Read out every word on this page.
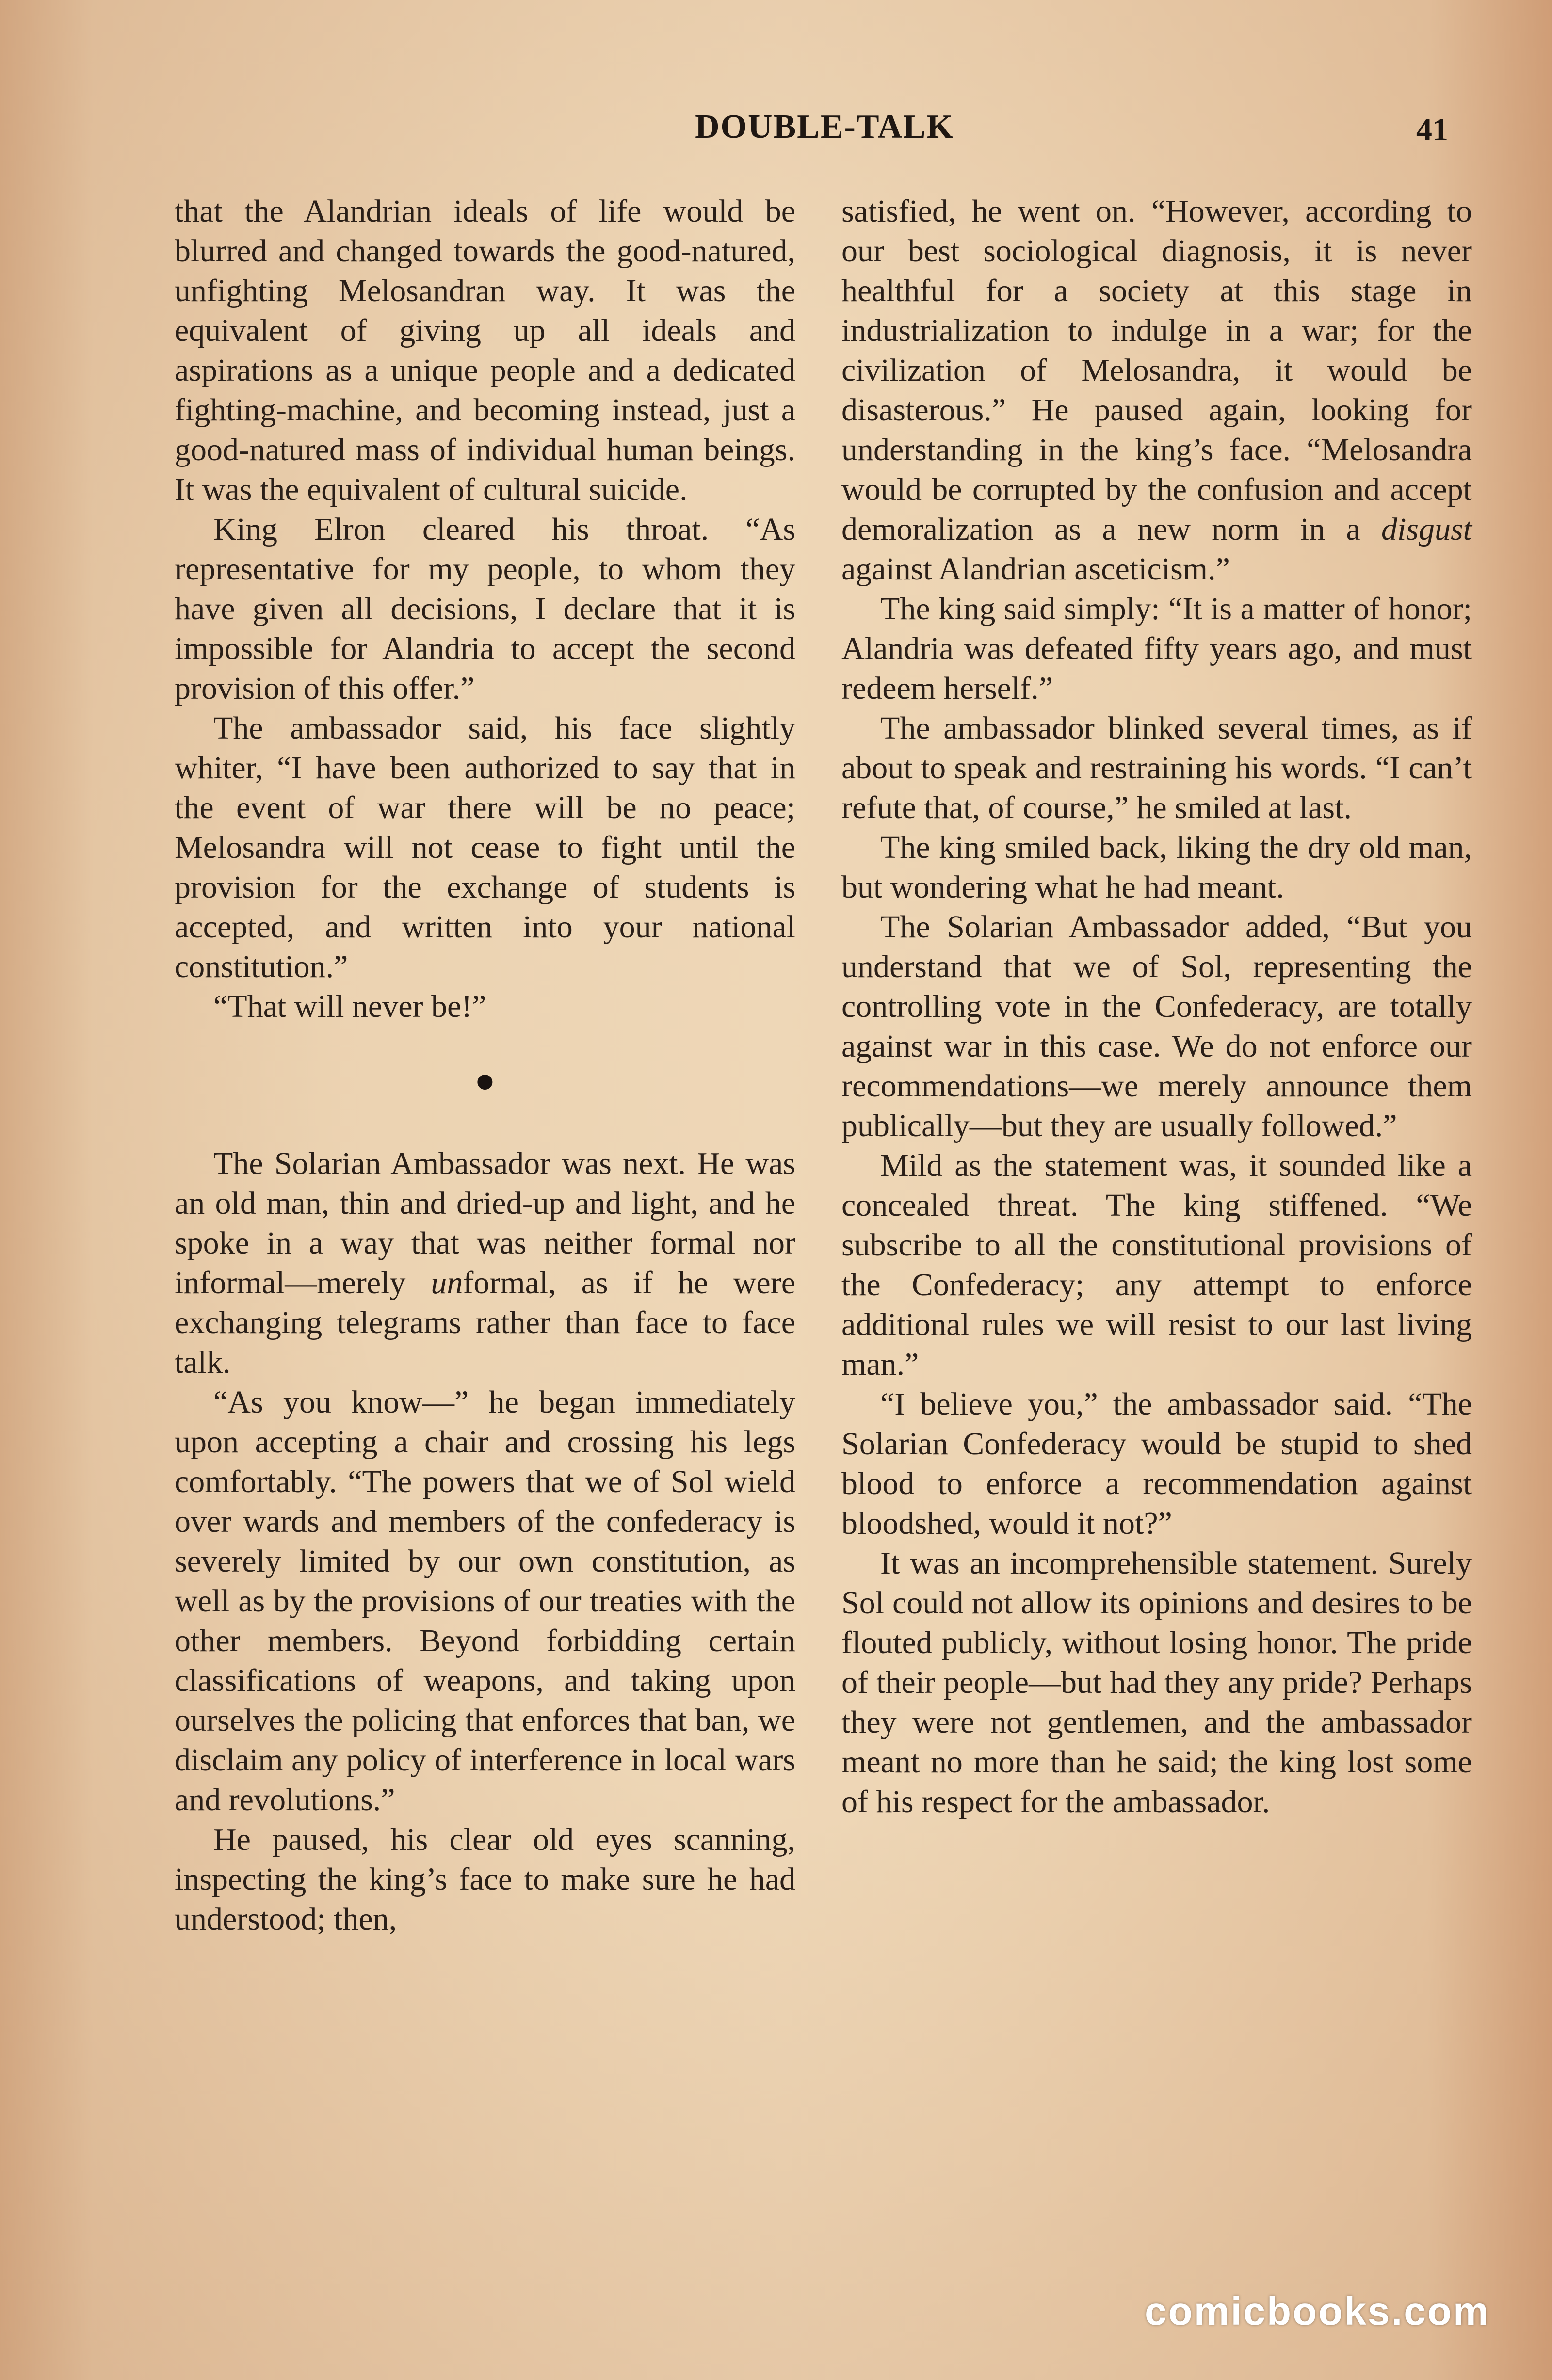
DOUBLE-TALK	41

that the Alandrian ideals of life would be blurred and changed towards the good-natured, unfighting Melosandran way. It was the equivalent of giving up all ideals and aspirations as a unique people and a dedicated fighting-machine, and becoming instead, just a good-natured mass of individual human beings. It was the equivalent of cultural suicide.

King Elron cleared his throat. “As representative for my people, to whom they have given all decisions, I declare that it is impossible for Alandria to accept the second provision of this offer.”

The ambassador said, his face slightly whiter, “I have been authorized to say that in the event of war there will be no peace; Melosandra will not cease to fight until the provision for the exchange of students is accepted, and written into your national constitution.”

“That will never be!”

●

The Solarian Ambassador was next. He was an old man, thin and dried-up and light, and he spoke in a way that was neither formal nor informal—merely unformal, as if he were exchanging telegrams rather than face to face talk.

“As you know—” he began immediately upon accepting a chair and crossing his legs comfortably. “The powers that we of Sol wield over wards and members of the confederacy is severely limited by our own constitution, as well as by the provisions of our treaties with the other members. Beyond forbidding certain classifications of weapons, and taking upon ourselves the policing that enforces that ban, we disclaim any policy of interference in local wars and revolutions.”

He paused, his clear old eyes scanning, inspecting the king’s face to make sure he had understood; then,

satisfied, he went on. “However, according to our best sociological diagnosis, it is never healthful for a society at this stage in industrialization to indulge in a war; for the civilization of Melosandra, it would be disasterous.” He paused again, looking for understanding in the king’s face. “Melosandra would be corrupted by the confusion and accept demoralization as a new norm in a disgust against Alandrian asceticism.”

The king said simply: “It is a matter of honor; Alandria was defeated fifty years ago, and must redeem herself.”

The ambassador blinked several times, as if about to speak and restraining his words. “I can’t refute that, of course,” he smiled at last.

The king smiled back, liking the dry old man, but wondering what he had meant.

The Solarian Ambassador added, “But you understand that we of Sol, representing the controlling vote in the Confederacy, are totally against war in this case. We do not enforce our recommendations—we merely announce them publically—but they are usually followed.”

Mild as the statement was, it sounded like a concealed threat. The king stiffened. “We subscribe to all the constitutional provisions of the Confederacy; any attempt to enforce additional rules we will resist to our last living man.”

“I believe you,” the ambassador said. “The Solarian Confederacy would be stupid to shed blood to enforce a recommendation against bloodshed, would it not?”

It was an incomprehensible statement. Surely Sol could not allow its opinions and desires to be flouted publicly, without losing honor. The pride of their people—but had they any pride? Perhaps they were not gentlemen, and the ambassador meant no more than he said; the king lost some of his respect for the ambassador.

comicbooks.com
